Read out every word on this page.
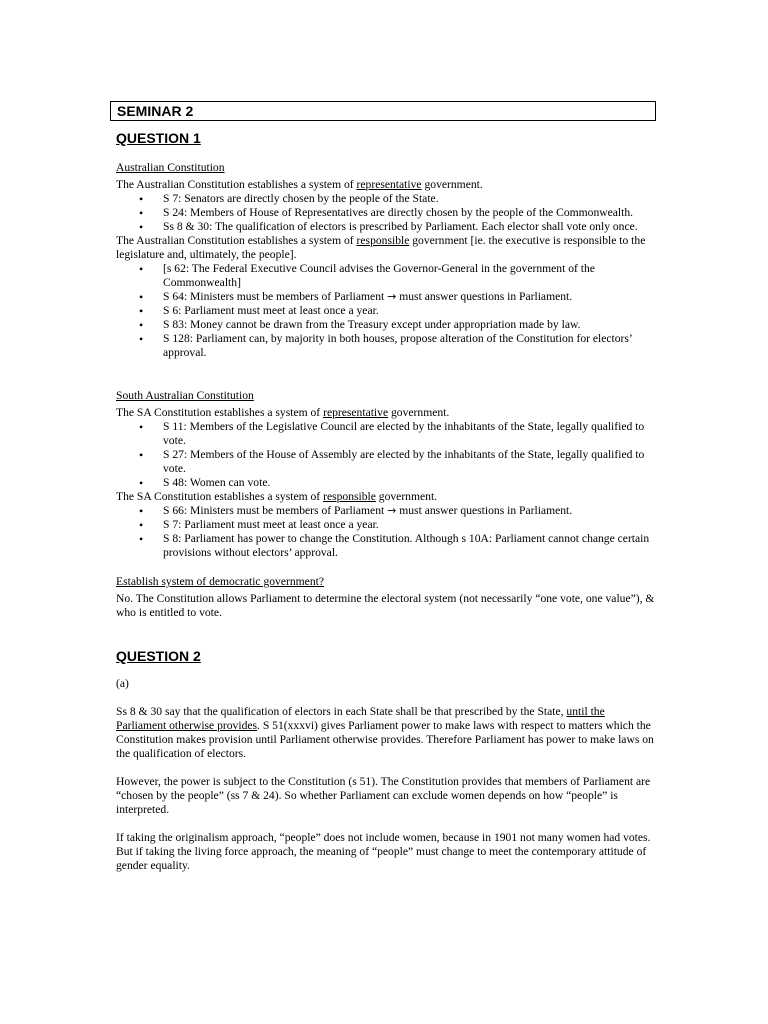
SEMINAR 2
QUESTION 1

Australian Constitution

The Australian Constitution establishes a system of representative government.

• S 7: Senators are directly chosen by the people of the State.
• S 24: Members of House of Representatives are directly chosen by the people of the Commonwealth.
• Ss 8 & 30: The qualification of electors is prescribed by Parliament. Each elector shall vote only once.

The Australian Constitution establishes a system of responsible government [ie. the executive is responsible to the legislature and, ultimately, the people].

• [s 62: The Federal Executive Council advises the Governor-General in the government of the Commonwealth]
• S 64: Ministers must be members of Parliament → must answer questions in Parliament.
• S 6: Parliament must meet at least once a year.
• S 83: Money cannot be drawn from the Treasury except under appropriation made by law.
• S 128: Parliament can, by majority in both houses, propose alteration of the Constitution for electors’ approval.

South Australian Constitution

The SA Constitution establishes a system of representative government.

• S 11: Members of the Legislative Council are elected by the inhabitants of the State, legally qualified to vote.
• S 27: Members of the House of Assembly are elected by the inhabitants of the State, legally qualified to vote.
• S 48: Women can vote.

The SA Constitution establishes a system of responsible government.

• S 66: Ministers must be members of Parliament → must answer questions in Parliament.
• S 7: Parliament must meet at least once a year.
• S 8: Parliament has power to change the Constitution. Although s 10A: Parliament cannot change certain provisions without electors’ approval.

Establish system of democratic government?

No. The Constitution allows Parliament to determine the electoral system (not necessarily “one vote, one value”), & who is entitled to vote.

QUESTION 2

(a)

Ss 8 & 30 say that the qualification of electors in each State shall be that prescribed by the State, until the Parliament otherwise provides. S 51(xxxvi) gives Parliament power to make laws with respect to matters which the Constitution makes provision until Parliament otherwise provides. Therefore Parliament has power to make laws on the qualification of electors.

However, the power is subject to the Constitution (s 51). The Constitution provides that members of Parliament are “chosen by the people” (ss 7 & 24). So whether Parliament can exclude women depends on how “people” is interpreted.

If taking the originalism approach, “people” does not include women, because in 1901 not many women had votes. But if taking the living force approach, the meaning of “people” must change to meet the contemporary attitude of gender equality.
